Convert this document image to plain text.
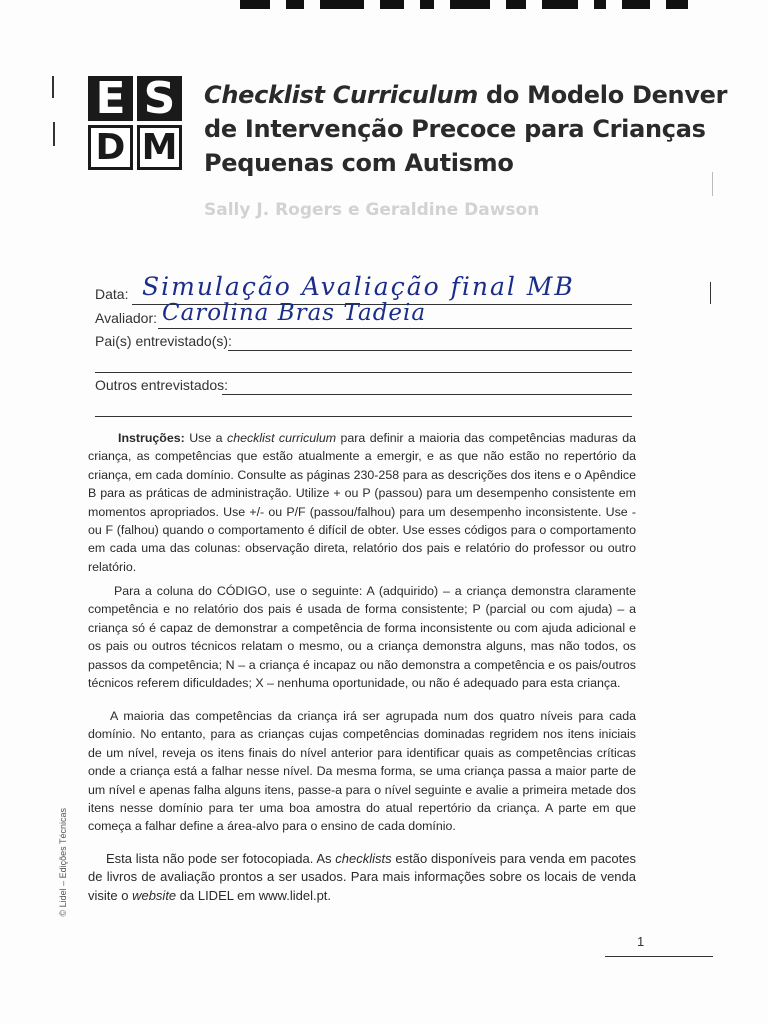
E S
D M
Checklist Curriculum do Modelo Denver
de Intervenção Precoce para Crianças
Pequenas com Autismo
Sally J. Rogers e Geraldine Dawson
Data: Simulação Avaliação final MB
Avaliador: Carolina Bras Tadeia
Pai(s) entrevistado(s):
Outros entrevistados:
Instruções: Use a checklist curriculum para definir a maioria das competências maduras da criança, as competências que estão atualmente a emergir, e as que não estão no repertório da criança, em cada domínio. Consulte as páginas 230-258 para as descrições dos itens e o Apêndice B para as práticas de administração. Utilize + ou P (passou) para um desempenho consistente em momentos apropriados. Use +/- ou P/F (passou/falhou) para um desempenho inconsistente. Use - ou F (falhou) quando o comportamento é difícil de obter. Use esses códigos para o comportamento em cada uma das colunas: observação direta, relatório dos pais e relatório do professor ou outro relatório.
Para a coluna do CÓDIGO, use o seguinte: A (adquirido) – a criança demonstra claramente competência e no relatório dos pais é usada de forma consistente; P (parcial ou com ajuda) – a criança só é capaz de demonstrar a competência de forma inconsistente ou com ajuda adicional e os pais ou outros técnicos relatam o mesmo, ou a criança demonstra alguns, mas não todos, os passos da competência; N – a criança é incapaz ou não demonstra a competência e os pais/outros técnicos referem dificuldades; X – nenhuma oportunidade, ou não é adequado para esta criança.
A maioria das competências da criança irá ser agrupada num dos quatro níveis para cada domínio. No entanto, para as crianças cujas competências dominadas regridem nos itens iniciais de um nível, reveja os itens finais do nível anterior para identificar quais as competências críticas onde a criança está a falhar nesse nível. Da mesma forma, se uma criança passa a maior parte de um nível e apenas falha alguns itens, passe-a para o nível seguinte e avalie a primeira metade dos itens nesse domínio para ter uma boa amostra do atual repertório da criança. A parte em que começa a falhar define a área-alvo para o ensino de cada domínio.
Esta lista não pode ser fotocopiada. As checklists estão disponíveis para venda em pacotes de livros de avaliação prontos a ser usados. Para mais informações sobre os locais de venda visite o website da LIDEL em www.lidel.pt.
© Lidel – Edições Técnicas
1
